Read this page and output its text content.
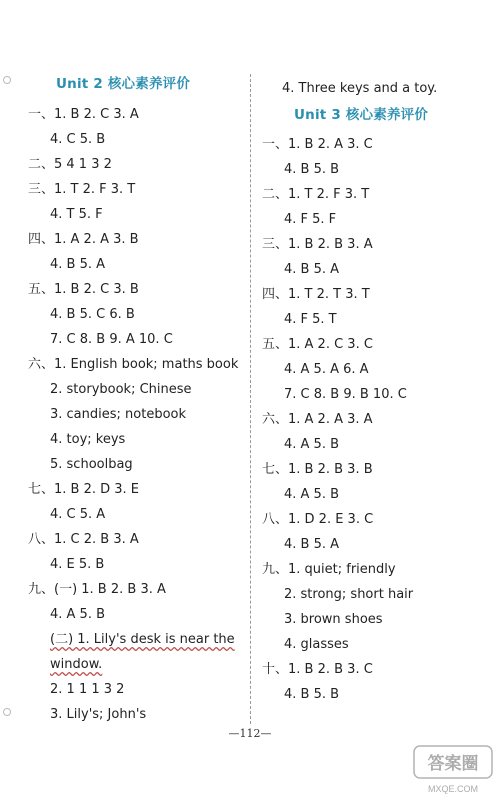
Unit 2 核心素养评价
一、1. B 2. C 3. A
4. C 5. B
二、5 4 1 3 2
三、1. T 2. F 3. T
4. T 5. F
四、1. A 2. A 3. B
4. B 5. A
五、1. B 2. C 3. B
4. B 5. C 6. B
7. C 8. B 9. A 10. C
六、1. English book; maths book
2. storybook; Chinese
3. candies; notebook
4. toy; keys
5. schoolbag
七、1. B 2. D 3. E
4. C 5. A
八、1. C 2. B 3. A
4. E 5. B
九、(一) 1. B 2. B 3. A
4. A 5. B
(二) 1. Lily's desk is near the
window.
2. 1 1 1 3 2
3. Lily's; John's
4. Three keys and a toy.
Unit 3 核心素养评价
一、1. B 2. A 3. C
4. B 5. B
二、1. T 2. F 3. T
4. F 5. F
三、1. B 2. B 3. A
4. B 5. A
四、1. T 2. T 3. T
4. F 5. T
五、1. A 2. C 3. C
4. A 5. A 6. A
7. C 8. B 9. B 10. C
六、1. A 2. A 3. A
4. A 5. B
七、1. B 2. B 3. B
4. A 5. B
八、1. D 2. E 3. C
4. B 5. A
九、1. quiet; friendly
2. strong; short hair
3. brown shoes
4. glasses
十、1. B 2. B 3. C
4. B 5. B
—112—
答案圈
MXQE.COM
